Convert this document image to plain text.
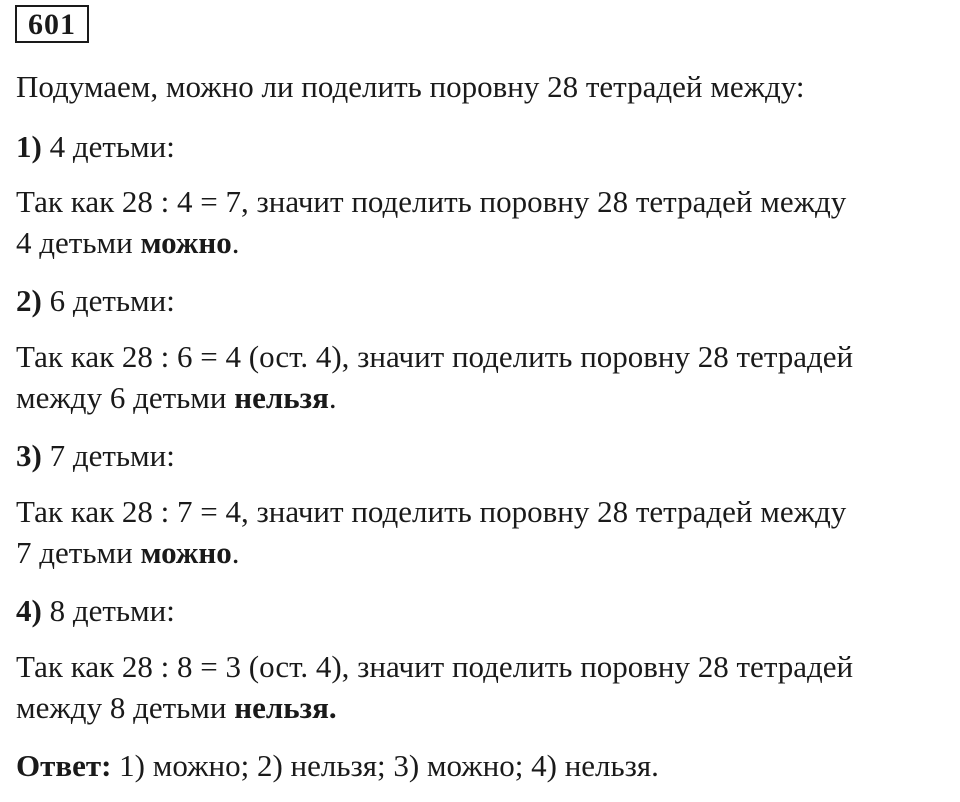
601
Подумаем, можно ли поделить поровну 28 тетрадей между:
1) 4 детьми:
Так как 28 : 4 = 7, значит поделить поровну 28 тетрадей между
4 детьми можно.
2) 6 детьми:
Так как 28 : 6 = 4 (ост. 4), значит поделить поровну 28 тетрадей
между 6 детьми нельзя.
3) 7 детьми:
Так как 28 : 7 = 4, значит поделить поровну 28 тетрадей между
7 детьми можно.
4) 8 детьми:
Так как 28 : 8 = 3 (ост. 4), значит поделить поровну 28 тетрадей
между 8 детьми нельзя.
Ответ: 1) можно; 2) нельзя; 3) можно; 4) нельзя.
